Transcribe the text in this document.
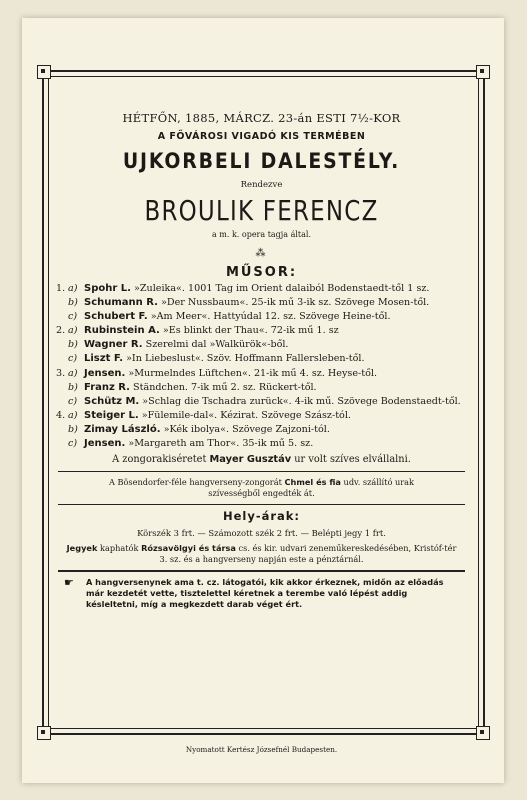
HÉTFŐN, 1885, MÁRCZ. 23-án ESTI 7½-KOR
A FŐVÁROSI VIGADÓ KIS TERMÉBEN
UJKORBELI DALESTÉLY.
Rendezve
BROULIK FERENCZ
a m. k. opera tagja által.
⁂
MŰSOR:
1. a) Spohr L. »Zuleika«. 1001 Tag im Orient dalaiból Bodenstaedt-től 1 sz.
b) Schumann R. »Der Nussbaum«. 25-ik mű 3-ik sz. Szövege Mosen-től.
c) Schubert F. »Am Meer«. Hattyúdal 12. sz. Szövege Heine-től.
2. a) Rubinstein A. »Es blinkt der Thau«. 72-ik mű 1. sz
b) Wagner R. Szerelmi dal »Walkürök«-ből.
c) Liszt F. »In Liebeslust«. Szöv. Hoffmann Fallersleben-től.
3. a) Jensen. »Murmelndes Lüftchen«. 21-ik mű 4. sz. Heyse-től.
b) Franz R. Ständchen. 7-ik mű 2. sz. Rückert-től.
c) Schütz M. »Schlag die Tschadra zurück«. 4-ik mű. Szövege Bodenstaedt-től.
4. a) Steiger L. »Fülemile-dal«. Kézirat. Szövege Szász-tól.
b) Zimay László. »Kék ibolya«. Szövege Zajzoni-tól.
c) Jensen. »Margareth am Thor«. 35-ik mű 5. sz.
A zongorakiséretet Mayer Gusztáv ur volt szíves elvállalni.
A Bösendorfer-féle hangverseny-zongorát Chmel és fia udv. szállító urak szívességből engedték át.
Hely-árak:
Körszék 3 frt. — Számozott szék 2 frt. — Belépti jegy 1 frt.
Jegyek kaphatók Rózsavölgyi és társa cs. és kir. udvari zeneműkereskedésében, Kristóf-tér 3. sz. és a hangverseny napján este a pénztárnál.
☛	A hangversenynek ama t. cz. látogatói, kik akkor érkeznek, midőn az előadás már kezdetét vette, tisztelettel kéretnek a terembe való lépést addig késleltetni, míg a megkezdett darab véget ért.
Nyomatott Kertész Józsefnél Budapesten.
